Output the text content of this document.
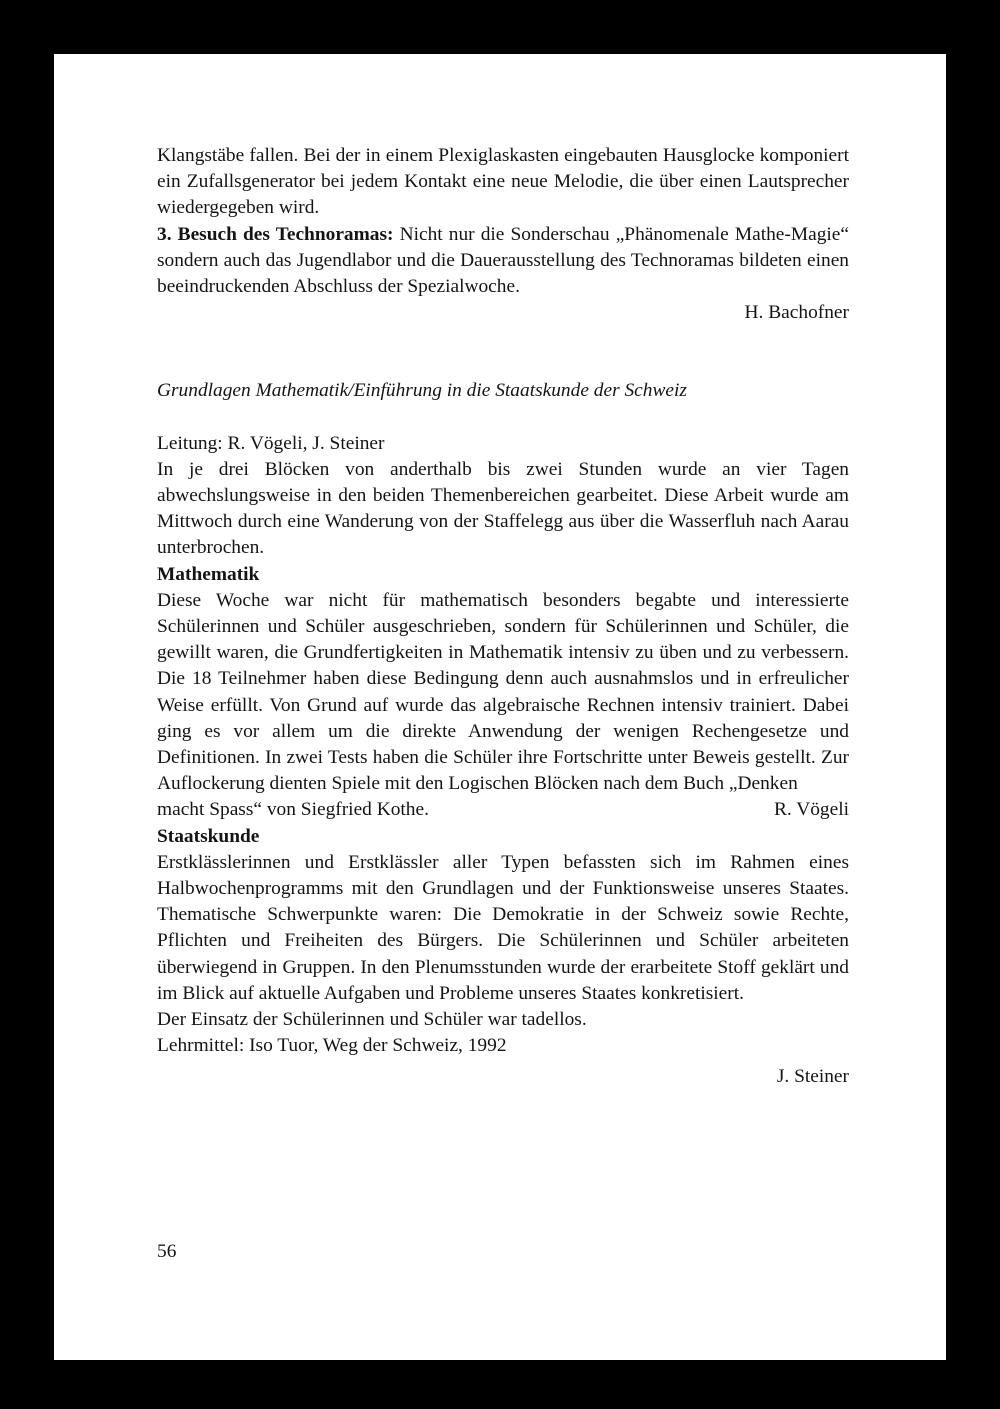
Klangstäbe fallen. Bei der in einem Plexiglaskasten eingebauten Hausglocke komponiert ein Zufallsgenerator bei jedem Kontakt eine neue Melodie, die über einen Lautsprecher wiedergegeben wird.

3. Besuch des Technoramas: Nicht nur die Sonderschau „Phänomenale Mathe-Magie“ sondern auch das Jugendlabor und die Dauerausstellung des Technoramas bildeten einen beeindruckenden Abschluss der Spezialwoche.

H. Bachofner

Grundlagen Mathematik/Einführung in die Staatskunde der Schweiz

Leitung: R. Vögeli, J. Steiner

In je drei Blöcken von anderthalb bis zwei Stunden wurde an vier Tagen abwechslungsweise in den beiden Themenbereichen gearbeitet. Diese Arbeit wurde am Mittwoch durch eine Wanderung von der Staffelegg aus über die Wasserfluh nach Aarau unterbrochen.

Mathematik

Diese Woche war nicht für mathematisch besonders begabte und interessierte Schülerinnen und Schüler ausgeschrieben, sondern für Schülerinnen und Schüler, die gewillt waren, die Grundfertigkeiten in Mathematik intensiv zu üben und zu verbessern. Die 18 Teilnehmer haben diese Bedingung denn auch ausnahmslos und in erfreulicher Weise erfüllt. Von Grund auf wurde das algebraische Rechnen intensiv trainiert. Dabei ging es vor allem um die direkte Anwendung der wenigen Rechengesetze und Definitionen. In zwei Tests haben die Schüler ihre Fortschritte unter Beweis gestellt. Zur Auflockerung dienten Spiele mit den Logischen Blöcken nach dem Buch „Denken

macht Spass“ von Siegfried Kothe.	R. Vögeli

Staatskunde

Erstklässlerinnen und Erstklässler aller Typen befassten sich im Rahmen eines Halbwochenprogramms mit den Grundlagen und der Funktionsweise unseres Staates. Thematische Schwerpunkte waren: Die Demokratie in der Schweiz sowie Rechte, Pflichten und Freiheiten des Bürgers. Die Schülerinnen und Schüler arbeiteten überwiegend in Gruppen. In den Plenumsstunden wurde der erarbeitete Stoff geklärt und im Blick auf aktuelle Aufgaben und Probleme unseres Staates konkretisiert.

Der Einsatz der Schülerinnen und Schüler war tadellos.

Lehrmittel: Iso Tuor, Weg der Schweiz, 1992

J. Steiner

56
